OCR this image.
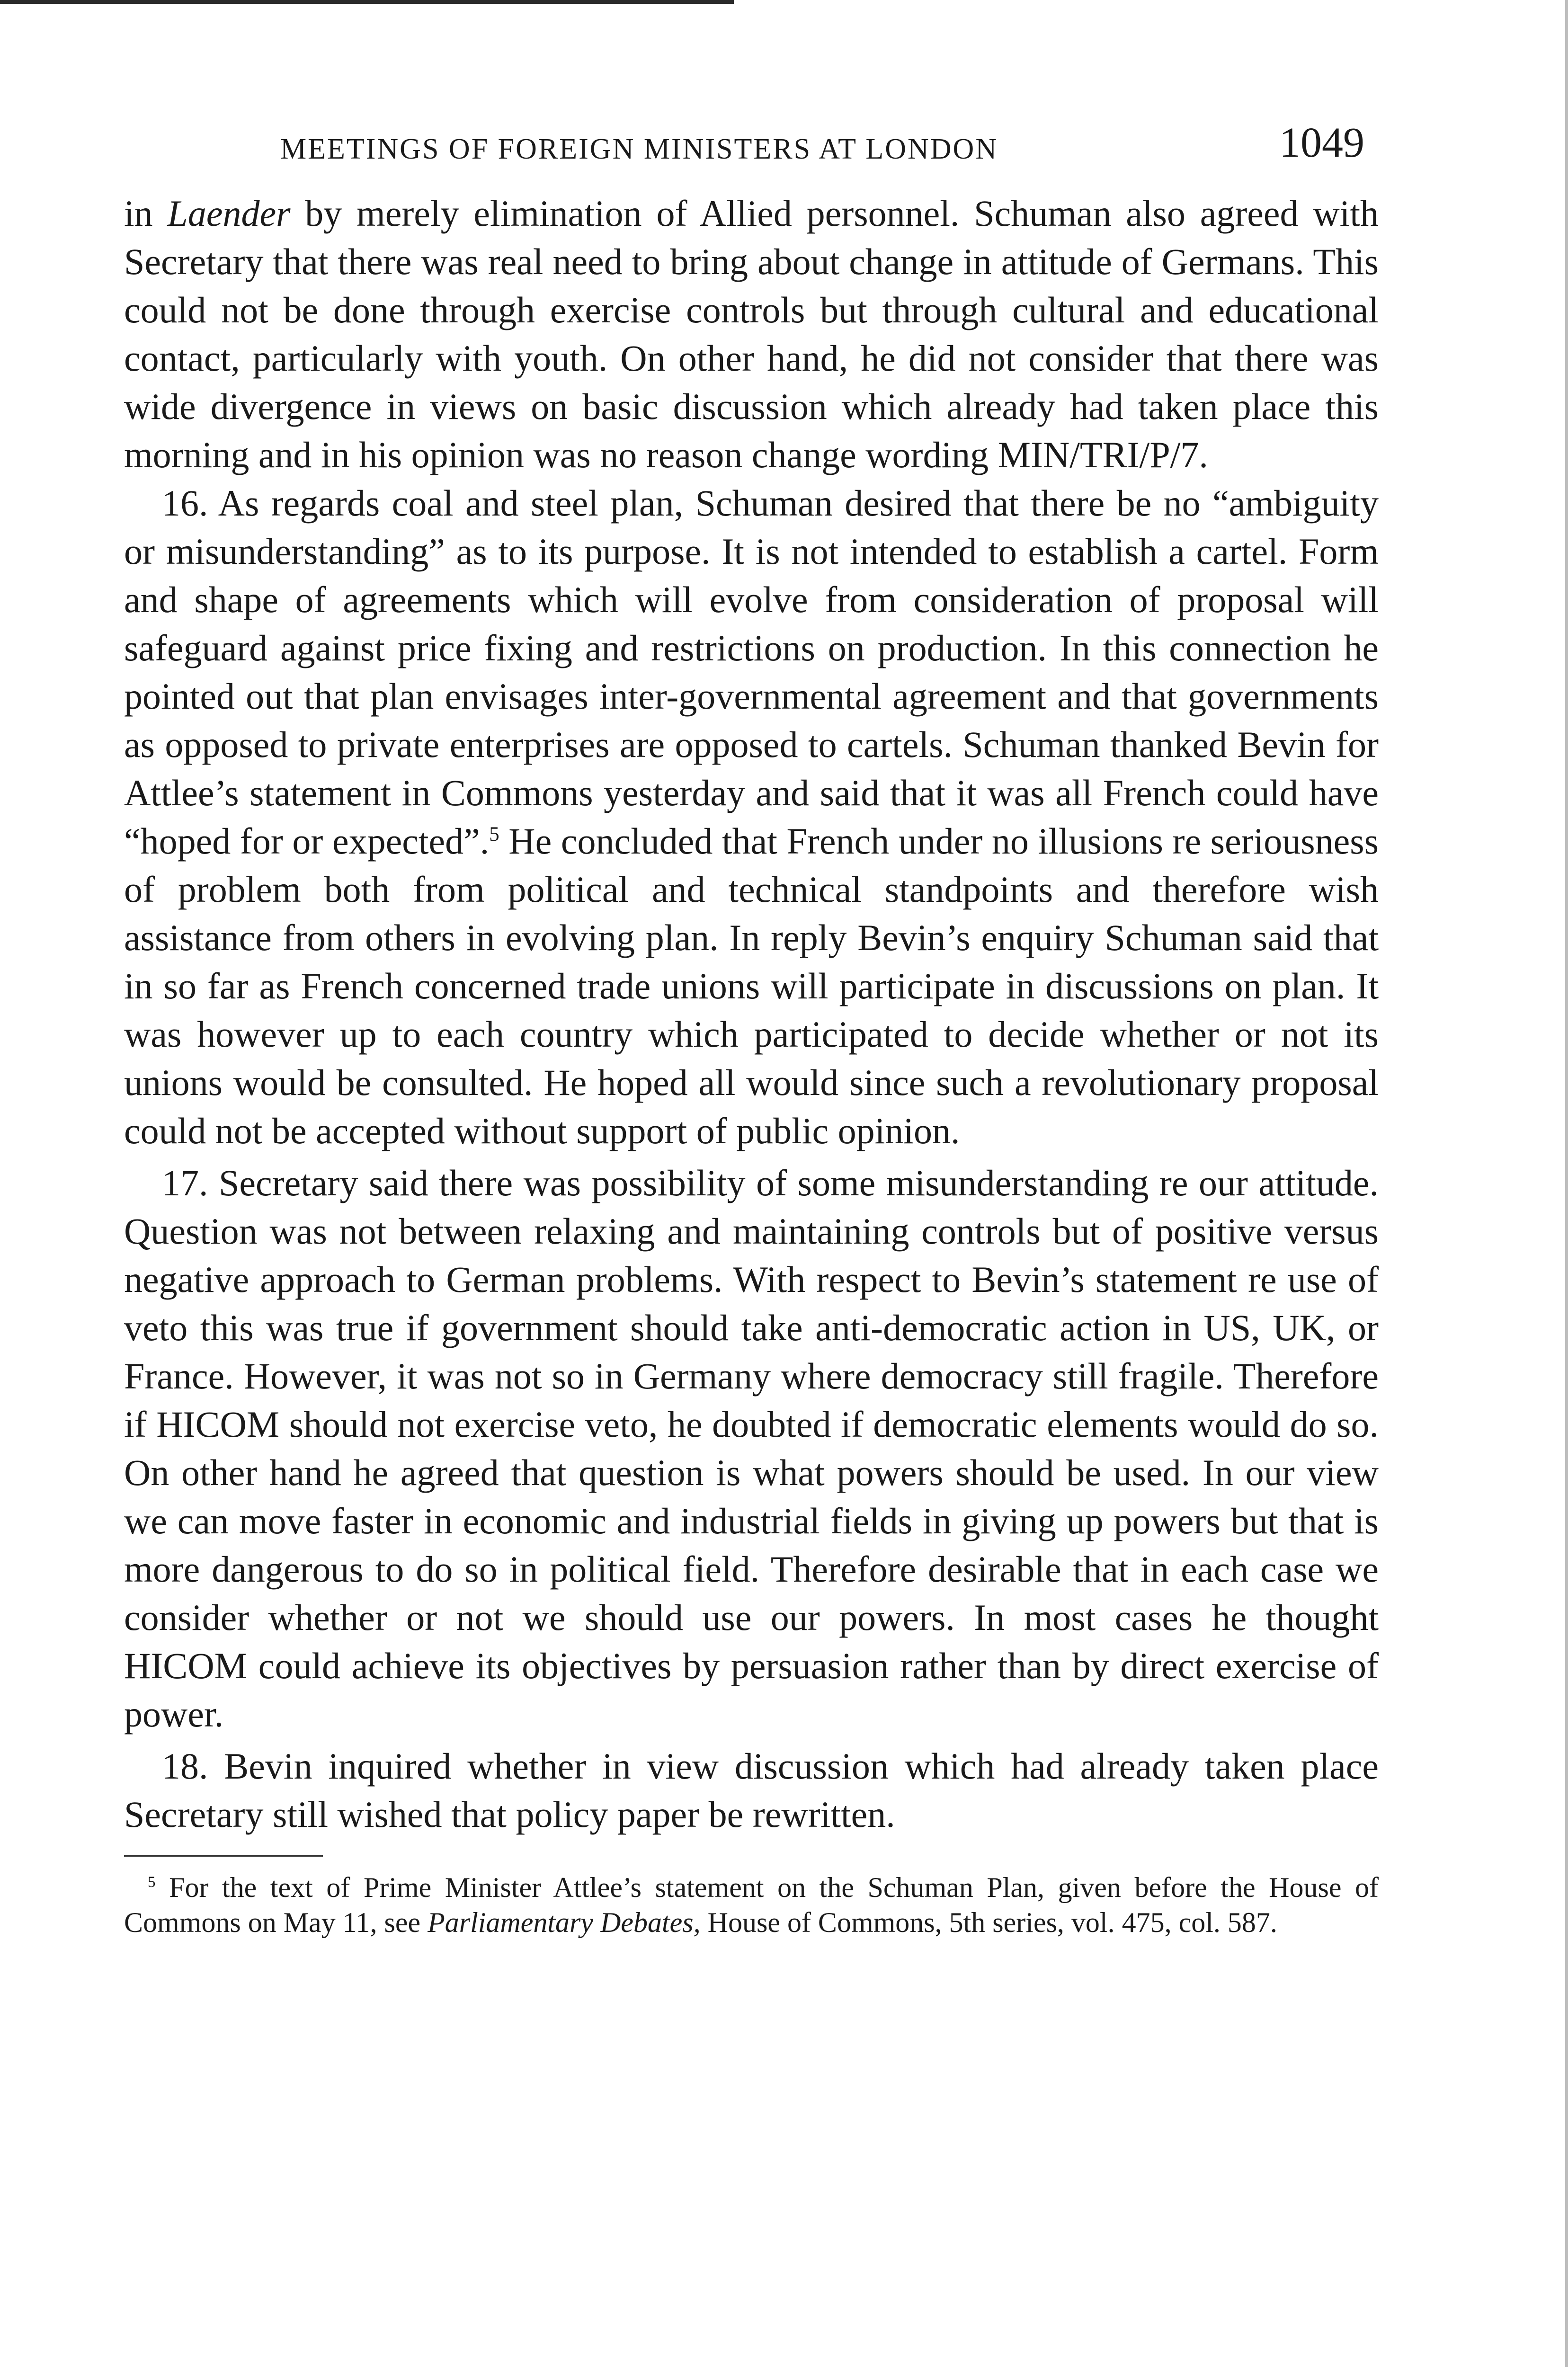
MEETINGS OF FOREIGN MINISTERS AT LONDON	1049

in Laender by merely elimination of Allied personnel. Schuman also agreed with Secretary that there was real need to bring about change in attitude of Germans. This could not be done through exercise controls but through cultural and educational contact, particularly with youth. On other hand, he did not consider that there was wide divergence in views on basic discussion which already had taken place this morning and in his opinion was no reason change wording MIN/TRI/P/7.

16. As regards coal and steel plan, Schuman desired that there be no “ambiguity or misunderstanding” as to its purpose. It is not intended to establish a cartel. Form and shape of agreements which will evolve from consideration of proposal will safeguard against price fixing and restrictions on production. In this connection he pointed out that plan envisages inter-governmental agreement and that governments as opposed to private enterprises are opposed to cartels. Schuman thanked Bevin for Attlee’s statement in Commons yesterday and said that it was all French could have “hoped for or expected”.$^5$ He concluded that French under no illusions re seriousness of problem both from political and technical standpoints and therefore wish assistance from others in evolving plan. In reply Bevin’s enquiry Schuman said that in so far as French concerned trade unions will participate in discussions on plan. It was however up to each country which participated to decide whether or not its unions would be consulted. He hoped all would since such a revolutionary proposal could not be accepted without support of public opinion.

17. Secretary said there was possibility of some misunderstanding re our attitude. Question was not between relaxing and maintaining controls but of positive versus negative approach to German problems. With respect to Bevin’s statement re use of veto this was true if government should take anti-democratic action in US, UK, or France. However, it was not so in Germany where democracy still fragile. Therefore if HICOM should not exercise veto, he doubted if democratic elements would do so. On other hand he agreed that question is what powers should be used. In our view we can move faster in economic and industrial fields in giving up powers but that is more dangerous to do so in political field. Therefore desirable that in each case we consider whether or not we should use our powers. In most cases he thought HICOM could achieve its objectives by persuasion rather than by direct exercise of power.

18. Bevin inquired whether in view discussion which had already taken place Secretary still wished that policy paper be rewritten.

$^5$ For the text of Prime Minister Attlee’s statement on the Schuman Plan, given before the House of Commons on May 11, see Parliamentary Debates, House of Commons, 5th series, vol. 475, col. 587.
